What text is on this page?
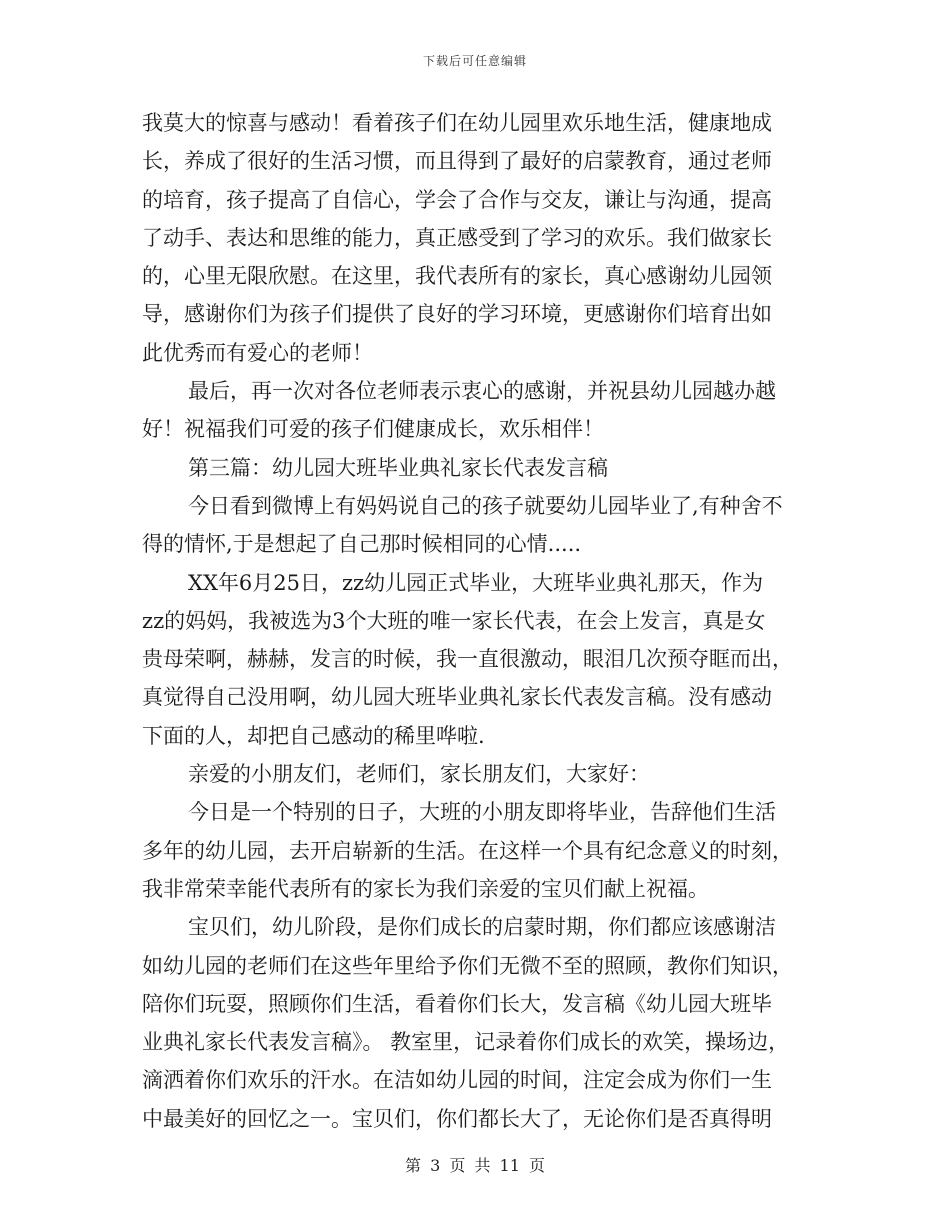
下载后可任意编辑
我莫大的惊喜与感动！看着孩子们在幼儿园里欢乐地生活，健康地成
长，养成了很好的生活习惯，而且得到了最好的启蒙教育，通过老师
的培育，孩子提高了自信心，学会了合作与交友，谦让与沟通，提高
了动手、表达和思维的能力，真正感受到了学习的欢乐。我们做家长
的，心里无限欣慰。在这里，我代表所有的家长，真心感谢幼儿园领
导，感谢你们为孩子们提供了良好的学习环境，更感谢你们培育出如
此优秀而有爱心的老师！
最后，再一次对各位老师表示衷心的感谢，并祝县幼儿园越办越
好！祝福我们可爱的孩子们健康成长，欢乐相伴！
第三篇：幼儿园大班毕业典礼家长代表发言稿
今日看到微博上有妈妈说自己的孩子就要幼儿园毕业了,有种舍不
得的情怀,于是想起了自己那时候相同的心情.....
XX年6月25日，zz幼儿园正式毕业，大班毕业典礼那天，作为
zz的妈妈，我被选为3个大班的唯一家长代表，在会上发言，真是女
贵母荣啊，赫赫，发言的时候，我一直很激动，眼泪几次预夺眶而出，
真觉得自己没用啊，幼儿园大班毕业典礼家长代表发言稿。没有感动
下面的人，却把自己感动的稀里哗啦.
亲爱的小朋友们，老师们，家长朋友们，大家好：
今日是一个特别的日子，大班的小朋友即将毕业，告辞他们生活
多年的幼儿园，去开启崭新的生活。在这样一个具有纪念意义的时刻，
我非常荣幸能代表所有的家长为我们亲爱的宝贝们献上祝福。
宝贝们，幼儿阶段，是你们成长的启蒙时期，你们都应该感谢洁
如幼儿园的老师们在这些年里给予你们无微不至的照顾，教你们知识，
陪你们玩耍，照顾你们生活，看着你们长大，发言稿《幼儿园大班毕
业典礼家长代表发言稿》。 教室里，记录着你们成长的欢笑，操场边，
滴洒着你们欢乐的汗水。在洁如幼儿园的时间，注定会成为你们一生
中最美好的回忆之一。宝贝们，你们都长大了，无论你们是否真得明
第 3 页 共 11 页
